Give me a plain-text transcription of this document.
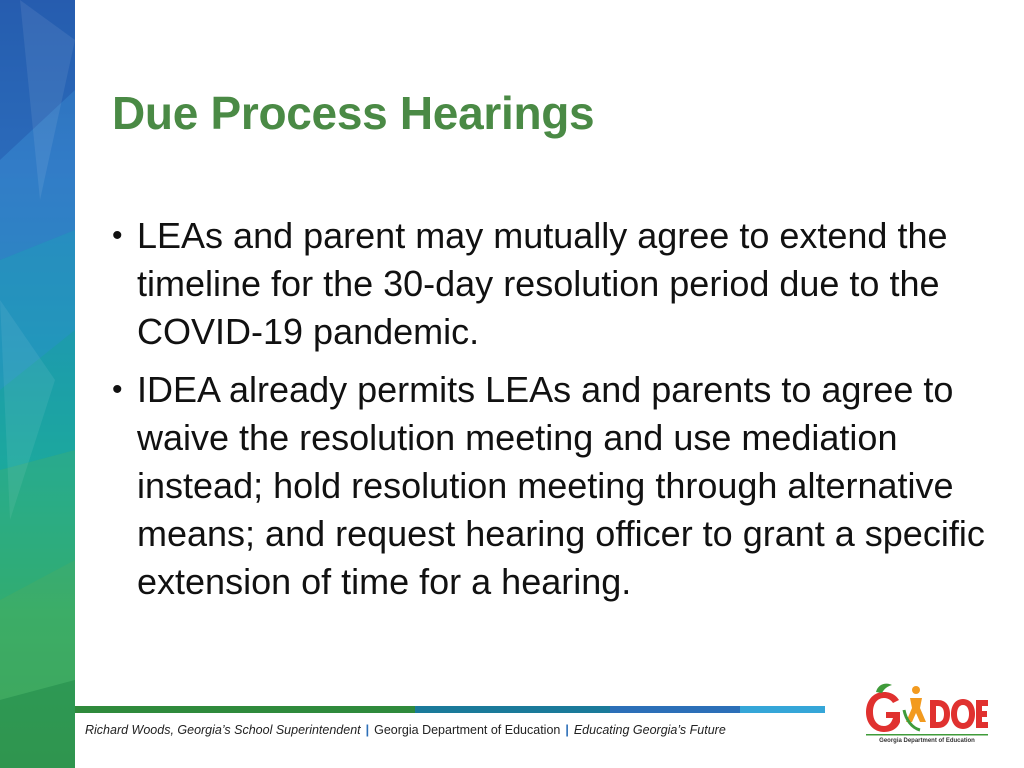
Due Process Hearings
• LEAs and parent may mutually agree to extend the timeline for the 30-day resolution period due to the COVID-19 pandemic.
• IDEA already permits LEAs and parents to agree to waive the resolution meeting and use mediation instead; hold resolution meeting through alternative means; and request hearing officer to grant a specific extension of time for a hearing.
Richard Woods, Georgia’s School Superintendent | Georgia Department of Education | Educating Georgia’s Future
Georgia Department of Education
